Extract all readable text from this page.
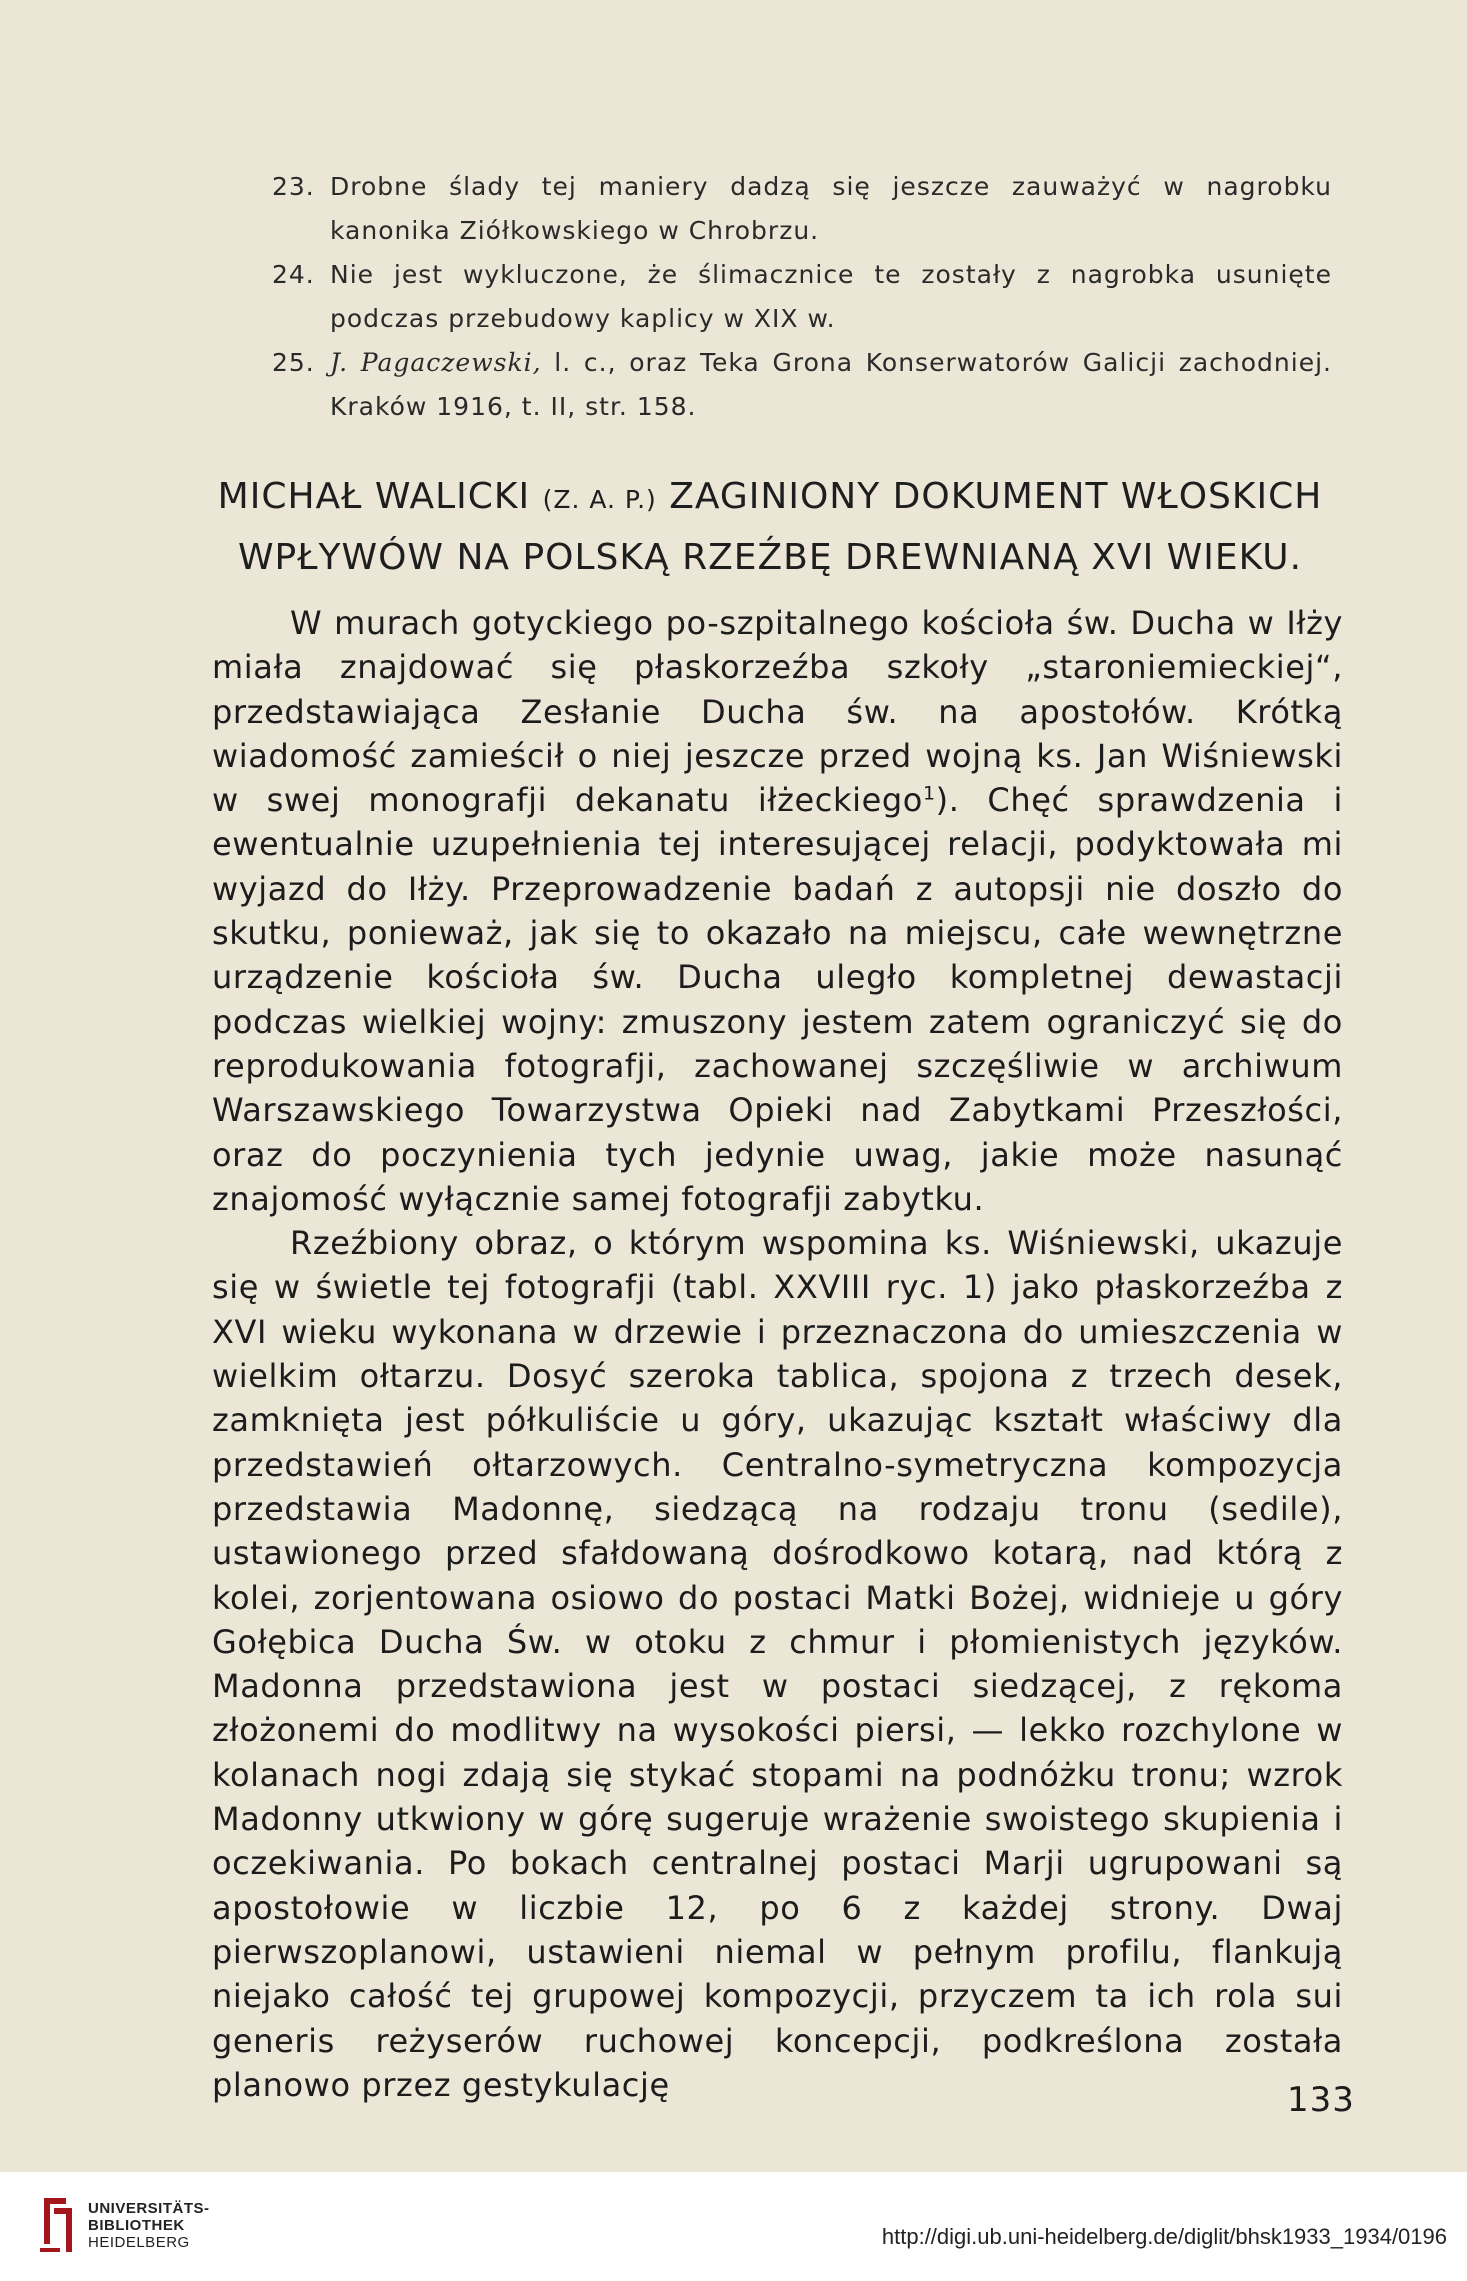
23. Drobne ślady tej maniery dadzą się jeszcze zauważyć w nagrobku kanonika Ziółkowskiego w Chrobrzu.
24. Nie jest wykluczone, że ślimacznice te zostały z nagrobka usunięte podczas przebudowy kaplicy w XIX w.
25. J. Pagaczewski, l. c., oraz Teka Grona Konserwatorów Galicji zachodniej. Kraków 1916, t. II, str. 158.
MICHAŁ WALICKI (Z. A. P.) ZAGINIONY DOKUMENT WŁOSKICH WPŁYWÓW NA POLSKĄ RZEŹBĘ DREWNIANĄ XVI WIEKU.

W murach gotyckiego po-szpitalnego kościoła św. Ducha w Iłży miała znajdować się płaskorzeźba szkoły „staroniemieckiej“, przedstawiająca Zesłanie Ducha św. na apostołów. Krótką wiadomość zamieścił o niej jeszcze przed wojną ks. Jan Wiśniewski w swej monografji dekanatu iłżeckiego$^1$). Chęć sprawdzenia i ewentualnie uzupełnienia tej interesującej relacji, podyktowała mi wyjazd do Iłży. Przeprowadzenie badań z autopsji nie doszło do skutku, ponieważ, jak się to okazało na miejscu, całe wewnętrzne urządzenie kościoła św. Ducha uległo kompletnej dewastacji podczas wielkiej wojny: zmuszony jestem zatem ograniczyć się do reprodukowania fotografji, zachowanej szczęśliwie w archiwum Warszawskiego Towarzystwa Opieki nad Zabytkami Przeszłości, oraz do poczynienia tych jedynie uwag, jakie może nasunąć znajomość wyłącznie samej fotografji zabytku.

Rzeźbiony obraz, o którym wspomina ks. Wiśniewski, ukazuje się w świetle tej fotografji (tabl. XXVIII ryc. 1) jako płaskorzeźba z XVI wieku wykonana w drzewie i przeznaczona do umieszczenia w wielkim ołtarzu. Dosyć szeroka tablica, spojona z trzech desek, zamknięta jest półkuliście u góry, ukazując kształt właściwy dla przedstawień ołtarzowych. Centralno-symetryczna kompozycja przedstawia Madonnę, siedzącą na rodzaju tronu (sedile), ustawionego przed sfałdowaną dośrodkowo kotarą, nad którą z kolei, zorjentowana osiowo do postaci Matki Bożej, widnieje u góry Gołębica Ducha Św. w otoku z chmur i płomienistych języków. Madonna przedstawiona jest w postaci siedzącej, z rękoma złożonemi do modlitwy na wysokości piersi, — lekko rozchylone w kolanach nogi zdają się stykać stopami na podnóżku tronu; wzrok Madonny utkwiony w górę sugeruje wrażenie swoistego skupienia i oczekiwania. Po bokach centralnej postaci Marji ugrupowani są apostołowie w liczbie 12, po 6 z każdej strony. Dwaj pierwszoplanowi, ustawieni niemal w pełnym profilu, flankują niejako całość tej grupowej kompozycji, przyczem ta ich rola sui generis reżyserów ruchowej koncepcji, podkreślona została planowo przez gestykulację	133
UNIVERSITÄTS-
BIBLIOTHEK
HEIDELBERG	http://digi.ub.uni-heidelberg.de/diglit/bhsk1933_1934/0196
